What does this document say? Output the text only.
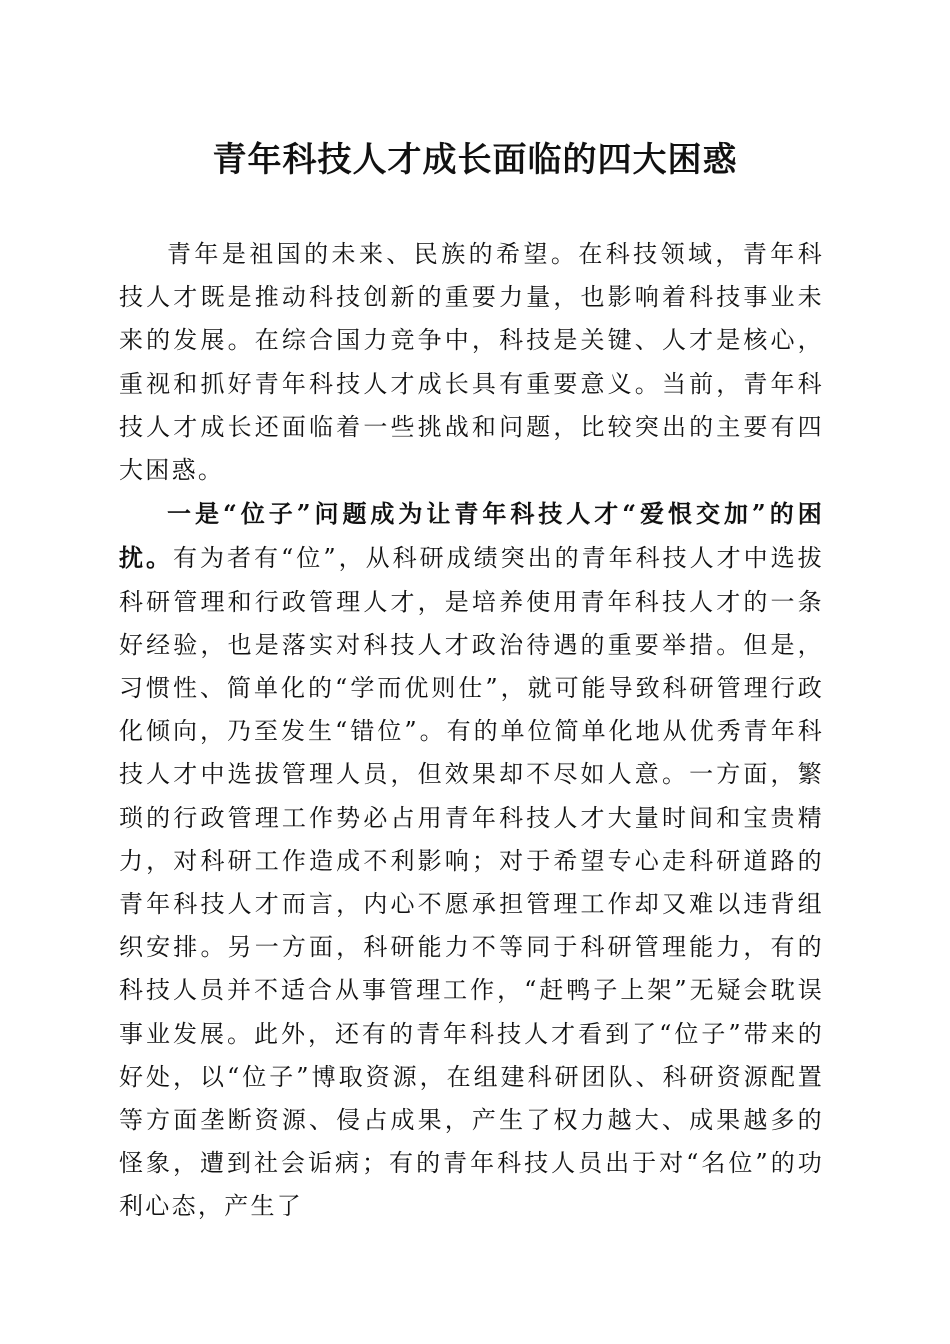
青年科技人才成长面临的四大困惑

青年是祖国的未来、民族的希望。在科技领域，青年科技人才既是推动科技创新的重要力量，也影响着科技事业未来的发展。在综合国力竞争中，科技是关键、人才是核心，重视和抓好青年科技人才成长具有重要意义。当前，青年科技人才成长还面临着一些挑战和问题，比较突出的主要有四大困惑。

一是“位子”问题成为让青年科技人才“爱恨交加”的困扰。有为者有“位”，从科研成绩突出的青年科技人才中选拔科研管理和行政管理人才，是培养使用青年科技人才的一条好经验，也是落实对科技人才政治待遇的重要举措。但是，习惯性、简单化的“学而优则仕”，就可能导致科研管理行政化倾向，乃至发生“错位”。有的单位简单化地从优秀青年科技人才中选拔管理人员，但效果却不尽如人意。一方面，繁琐的行政管理工作势必占用青年科技人才大量时间和宝贵精力，对科研工作造成不利影响；对于希望专心走科研道路的青年科技人才而言，内心不愿承担管理工作却又难以违背组织安排。另一方面，科研能力不等同于科研管理能力，有的科技人员并不适合从事管理工作，“赶鸭子上架”无疑会耽误事业发展。此外，还有的青年科技人才看到了“位子”带来的好处，以“位子”博取资源，在组建科研团队、科研资源配置等方面垄断资源、侵占成果，产生了权力越大、成果越多的怪象，遭到社会诟病；有的青年科技人员出于对“名位”的功利心态，产生了
